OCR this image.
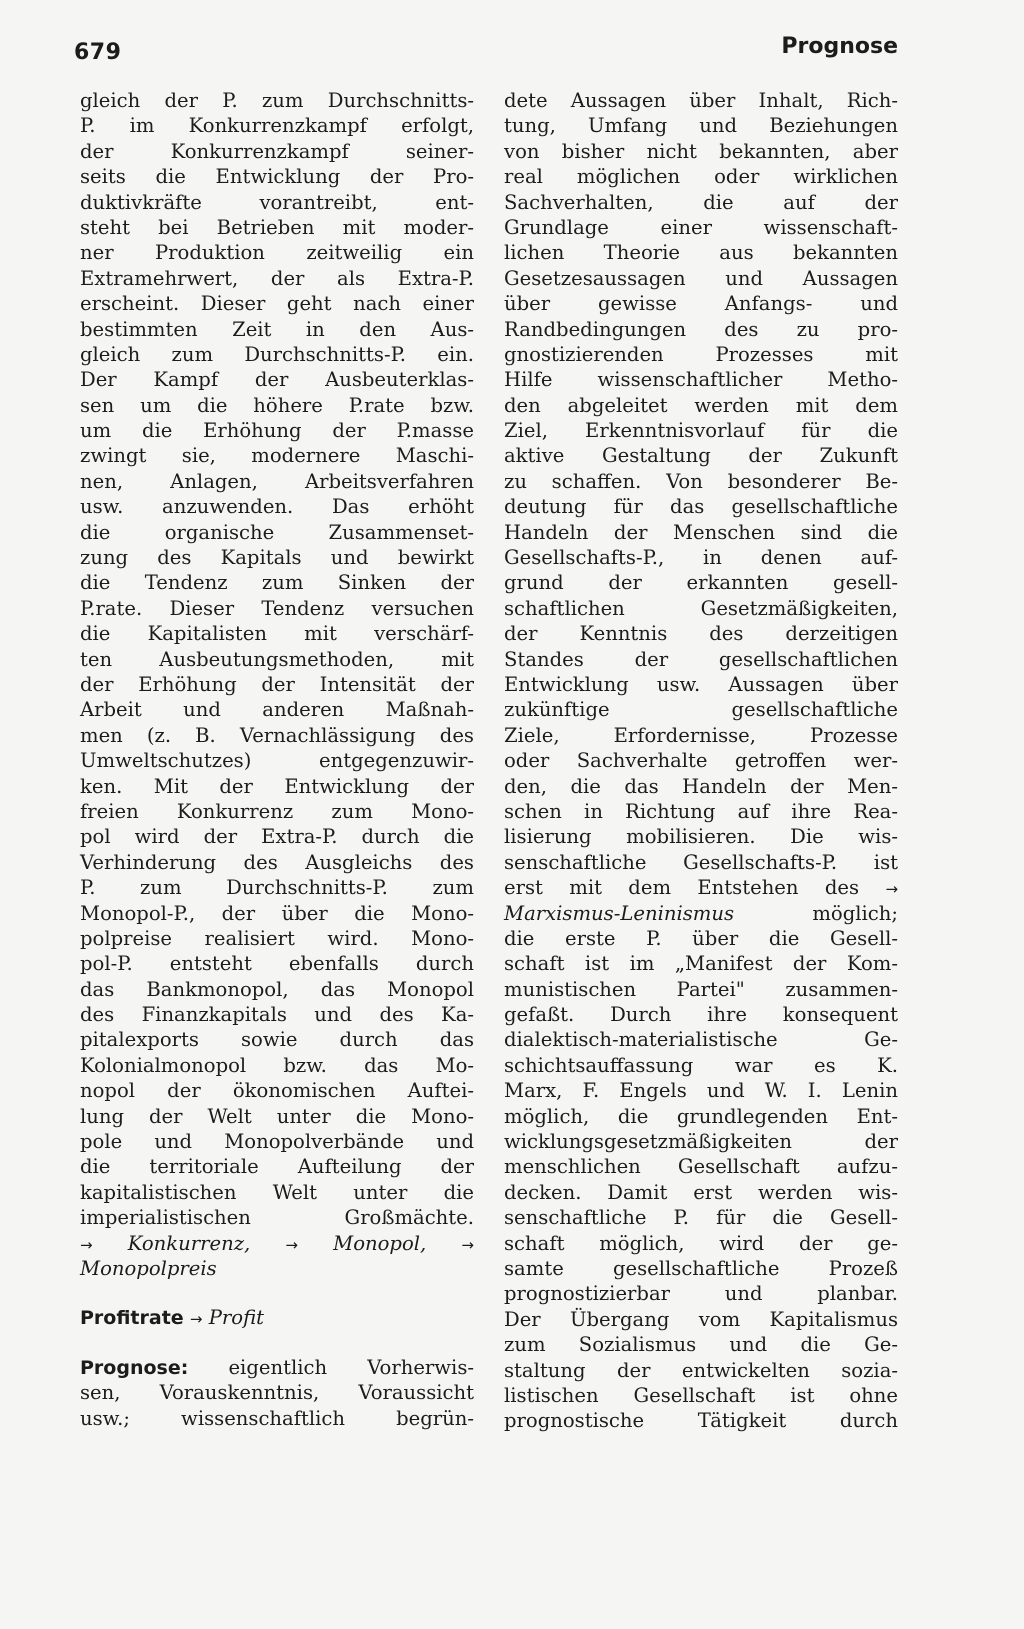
679	Prognose
gleich der P. zum Durchschnitts-
P. im Konkurrenzkampf erfolgt,
der Konkurrenzkampf seiner-
seits die Entwicklung der Pro-
duktivkräfte vorantreibt, ent-
steht bei Betrieben mit moder-
ner Produktion zeitweilig ein
Extramehrwert, der als Extra-P.
erscheint. Dieser geht nach einer
bestimmten Zeit in den Aus-
gleich zum Durchschnitts-P. ein.
Der Kampf der Ausbeuterklas-
sen um die höhere P.rate bzw.
um die Erhöhung der P.masse
zwingt sie, modernere Maschi-
nen, Anlagen, Arbeitsverfahren
usw. anzuwenden. Das erhöht
die organische Zusammenset-
zung des Kapitals und bewirkt
die Tendenz zum Sinken der
P.rate. Dieser Tendenz versuchen
die Kapitalisten mit verschärf-
ten Ausbeutungsmethoden, mit
der Erhöhung der Intensität der
Arbeit und anderen Maßnah-
men (z. B. Vernachlässigung des
Umweltschutzes) entgegenzuwir-
ken. Mit der Entwicklung der
freien Konkurrenz zum Mono-
pol wird der Extra-P. durch die
Verhinderung des Ausgleichs des
P. zum Durchschnitts-P. zum
Monopol-P., der über die Mono-
polpreise realisiert wird. Mono-
pol-P. entsteht ebenfalls durch
das Bankmonopol, das Monopol
des Finanzkapitals und des Ka-
pitalexports sowie durch das
Kolonialmonopol bzw. das Mo-
nopol der ökonomischen Auftei-
lung der Welt unter die Mono-
pole und Monopolverbände und
die territoriale Aufteilung der
kapitalistischen Welt unter die
imperialistischen Großmächte.
→ Konkurrenz, → Monopol, →
Monopolpreis
Profitrate → Profit
Prognose: eigentlich Vorherwis-
sen, Vorauskenntnis, Voraussicht
usw.; wissenschaftlich begrün-
dete Aussagen über Inhalt, Rich-
tung, Umfang und Beziehungen
von bisher nicht bekannten, aber
real möglichen oder wirklichen
Sachverhalten, die auf der
Grundlage einer wissenschaft-
lichen Theorie aus bekannten
Gesetzesaussagen und Aussagen
über gewisse Anfangs- und
Randbedingungen des zu pro-
gnostizierenden Prozesses mit
Hilfe wissenschaftlicher Metho-
den abgeleitet werden mit dem
Ziel, Erkenntnisvorlauf für die
aktive Gestaltung der Zukunft
zu schaffen. Von besonderer Be-
deutung für das gesellschaftliche
Handeln der Menschen sind die
Gesellschafts-P., in denen auf-
grund der erkannten gesell-
schaftlichen Gesetzmäßigkeiten,
der Kenntnis des derzeitigen
Standes der gesellschaftlichen
Entwicklung usw. Aussagen über
zukünftige gesellschaftliche
Ziele, Erfordernisse, Prozesse
oder Sachverhalte getroffen wer-
den, die das Handeln der Men-
schen in Richtung auf ihre Rea-
lisierung mobilisieren. Die wis-
senschaftliche Gesellschafts-P. ist
erst mit dem Entstehen des →
Marxismus-Leninismus	möglich;
die erste P. über die Gesell-
schaft ist im „Manifest der Kom-
munistischen Partei" zusammen-
gefaßt. Durch ihre konsequent
dialektisch-materialistische Ge-
schichtsauffassung war es K.
Marx, F. Engels und W. I. Lenin
möglich, die grundlegenden Ent-
wicklungsgesetzmäßigkeiten der
menschlichen Gesellschaft aufzu-
decken. Damit erst werden wis-
senschaftliche P. für die Gesell-
schaft möglich, wird der ge-
samte gesellschaftliche Prozeß
prognostizierbar und planbar.
Der Übergang vom Kapitalismus
zum Sozialismus und die Ge-
staltung der entwickelten sozia-
listischen Gesellschaft ist ohne
prognostische Tätigkeit durch
